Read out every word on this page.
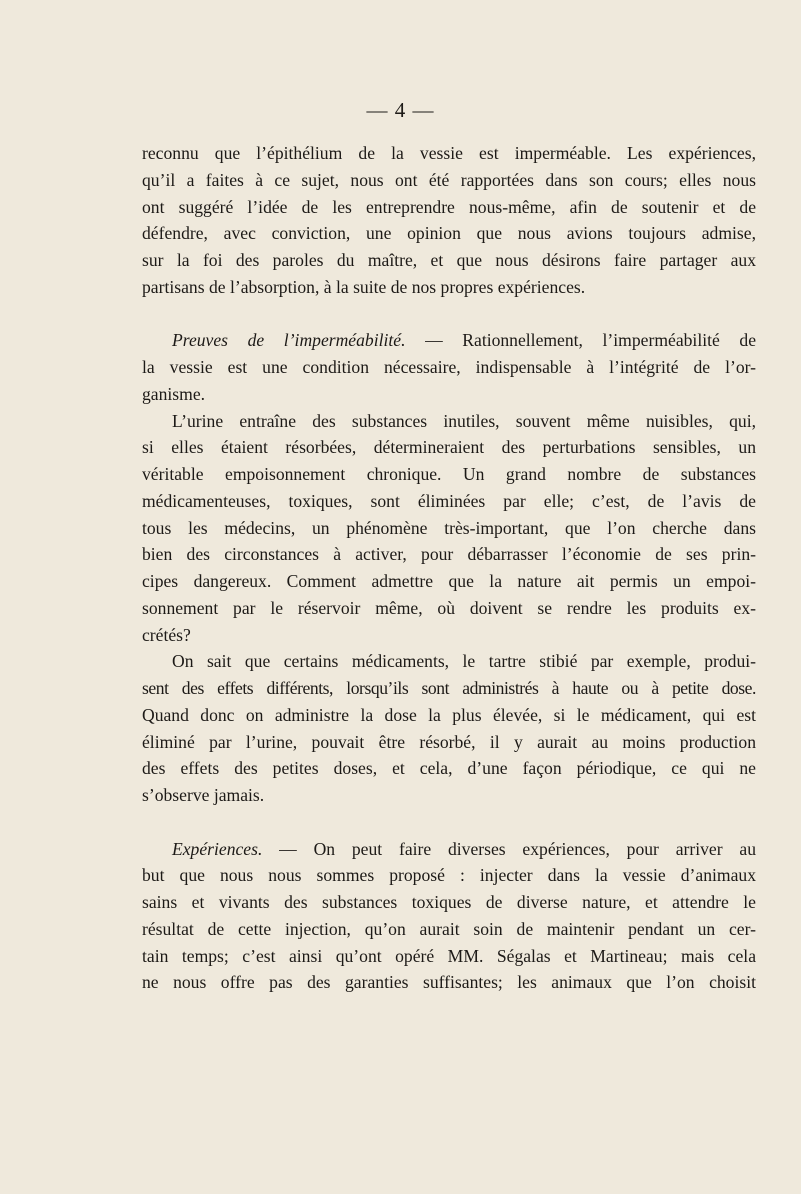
— 4 —
reconnu que l’épithélium de la vessie est imperméable. Les expériences,
qu’il a faites à ce sujet, nous ont été rapportées dans son cours; elles nous
ont suggéré l’idée de les entreprendre nous-même, afin de soutenir et de
défendre, avec conviction, une opinion que nous avions toujours admise,
sur la foi des paroles du maître, et que nous désirons faire partager aux
partisans de l’absorption, à la suite de nos propres expériences.
Preuves de l’imperméabilité. — Rationnellement, l’imperméabilité de
la vessie est une condition nécessaire, indispensable à l’intégrité de l’or-
ganisme.
L’urine entraîne des substances inutiles, souvent même nuisibles, qui,
si elles étaient résorbées, détermineraient des perturbations sensibles, un
véritable empoisonnement chronique. Un grand nombre de substances
médicamenteuses, toxiques, sont éliminées par elle; c’est, de l’avis de
tous les médecins, un phénomène très-important, que l’on cherche dans
bien des circonstances à activer, pour débarrasser l’économie de ses prin-
cipes dangereux. Comment admettre que la nature ait permis un empoi-
sonnement par le réservoir même, où doivent se rendre les produits ex-
crétés?
On sait que certains médicaments, le tartre stibié par exemple, produi-
sent des effets différents, lorsqu’ils sont administrés à haute ou à petite dose.
Quand donc on administre la dose la plus élevée, si le médicament, qui est
éliminé par l’urine, pouvait être résorbé, il y aurait au moins production
des effets des petites doses, et cela, d’une façon périodique, ce qui ne
s’observe jamais.
Expériences. — On peut faire diverses expériences, pour arriver au
but que nous nous sommes proposé : injecter dans la vessie d’animaux
sains et vivants des substances toxiques de diverse nature, et attendre le
résultat de cette injection, qu’on aurait soin de maintenir pendant un cer-
tain temps; c’est ainsi qu’ont opéré MM. Ségalas et Martineau; mais cela
ne nous offre pas des garanties suffisantes; les animaux que l’on choisit
